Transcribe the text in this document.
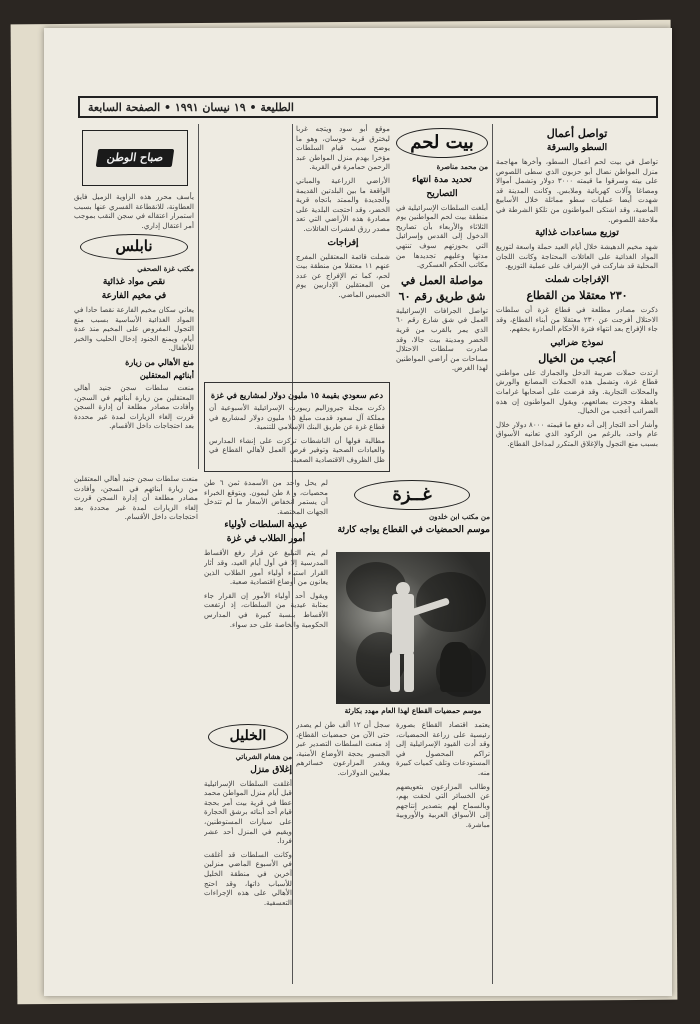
الطليعة • ١٩ نيسان ١٩٩١ • الصفحة السابعة
تواصل أعمال
السطو والسرقة

تواصل في بيت لحم أعمال السطو، وأخرها مهاجمة منزل المواطن نضال أبو حزبون الذي سطى اللصوص على بيته وسرقوا ما قيمته ٣٠٠٠ دولار وتشمل أموالا ومصاغا وآلات كهربائية وملابس. وكانت المدينة قد شهدت أيضا عمليات سطو مماثلة خلال الأسابيع الماضية، وقد اشتكى المواطنون من تلكؤ الشرطة في ملاحقة اللصوص.

توزيع مساعدات غذائية

شهد مخيم الدهيشة خلال أيام العيد حملة واسعة لتوزيع المواد الغذائية على العائلات المحتاجة وكانت اللجان المحلية قد شاركت في الإشراف على عملية التوزيع.

الإفراجات شملت
٢٣٠ معتقلا من القطاع

ذكرت مصادر مطلعة في قطاع غزة أن سلطات الاحتلال أفرجت عن ٢٣٠ معتقلا من أبناء القطاع، وقد جاء الإفراج بعد انتهاء فترة الأحكام الصادرة بحقهم.

نموذج ضرائبي
أعجب من الخيال

ارتدت حملات ضريبة الدخل والجمارك على مواطني قطاع غزة، وتشمل هذه الحملات المصانع والورش والمحلات التجارية. وقد فرضت على أصحابها غرامات باهظة وحجزت بضائعهم، ويقول المواطنون إن هذه الضرائب أعجب من الخيال.

وأشار أحد التجار إلى أنه دفع ما قيمته ٨٠٠٠ دولار خلال عام واحد، بالرغم من الركود الذي تعانيه الأسواق بسبب منع التجول والإغلاق المتكرر لمداخل القطاع.

بيت لحم
من محمد مناصرة
تحديد مدة انتهاء
التصاريح

أبلغت السلطات الإسرائيلية في منطقة بيت لحم المواطنين يوم الثلاثاء والأربعاء بأن تصاريح الدخول إلى القدس وإسرائيل التي بحوزتهم سوف تنتهي مدتها وعليهم تجديدها من مكاتب الحكم العسكري.

مواصلة العمل في
شق طريق رقم ٦٠

تواصل الجرافات الإسرائيلية العمل في شق شارع رقم ٦٠ الذي يمر بالقرب من قرية الخضر ومدينة بيت جالا، وقد صادرت سلطات الاحتلال مساحات من أراضي المواطنين لهذا الغرض.

موقع أبو سود ويتجه غربا ليخترق قرية حوسان، وهو ما يوضح سبب قيام السلطات مؤخرا بهدم منزل المواطن عبد الرحمن حمامرة في القرية.

الأراضي الزراعية والمباني الواقعة ما بين البلدتين القديمة والجديدة والممتد باتجاه قرية الخضر، وقد احتجت البلدية على مصادرة هذه الأراضي التي تعد مصدر رزق لعشرات العائلات.

إفراجات

شملت قائمة المعتقلين المفرج عنهم ١١ معتقلا من منطقة بيت لحم، كما تم الإفراج عن عدد من المعتقلين الإداريين يوم الخميس الماضي.

صباح الوطن

يأسف محرر هذه الزاوية الزميل فايق العطاونة، للانقطاعة القسري عنها بسبب استمرار اعتقاله في سجن النقب بموجب أمر اعتقال إداري.

نابلس
مكتب غزة الصحفي
نقص مواد غذائية
في مخيم الفارعة

يعاني سكان مخيم الفارعة نقصا حادا في المواد الغذائية الأساسية بسبب منع التجول المفروض على المخيم منذ عدة أيام، ويمنع الجنود إدخال الحليب والخبز للأطفال.

منع الأهالي من زيارة
أبنائهم المعتقلين

منعت سلطات سجن جنيد أهالي المعتقلين من زيارة أبنائهم في السجن، وأفادت مصادر مطلعة أن إدارة السجن قررت إلغاء الزيارات لمدة غير محددة بعد احتجاجات داخل الأقسام.

دعم سعودي بقيمة ١٥ مليون دولار لمشاريع في غزة

ذكرت مجلة جيروزاليم ريبورت الإسرائيلية الأسبوعية أن مملكة آل سعود قدمت مبلغ ١٥ مليون دولار لمشاريع في قطاع غزة عن طريق البنك الإسلامي للتنمية.

مطالبة فولها أن الناشطات تركزت على إنشاء المدارس والعيادات الصحية وتوفير فرص العمل لأهالي القطاع في ظل الظروف الاقتصادية الصعبة.

غــزة
من مكتب ابن خلدون
موسم الحمضيات في القطاع يواجه كارثة
موسم حمضيات القطاع لهذا العام مهدد بكارثة

يعتمد اقتصاد القطاع بصورة رئيسية على زراعة الحمضيات، وقد أدت القيود الإسرائيلية إلى تراكم المحصول في المستودعات وتلف كميات كبيرة منه.

وطالب المزارعون بتعويضهم عن الخسائر التي لحقت بهم، وبالسماح لهم بتصدير إنتاجهم إلى الأسواق العربية والأوروبية مباشرة.

سجل أن ١٢ ألف طن لم يصدر حتى الآن من حمضيات القطاع، إذ منعت السلطات التصدير عبر الجسور بحجة الأوضاع الأمنية، ويقدر المزارعون خسائرهم بملايين الدولارات.

لم يحل واحد من الأسمدة ثمن ٦ طن محصيات، و ٨ طن ليمون. ويتوقع الخبراء أن يستمر انخفاض الأسعار ما لم تتدخل الجهات المختصة.

عيدية السلطات لأولياء
أمور الطلاب في غزة

لم يتم التبليغ عن قرار رفع الأقساط المدرسية إلا في أول أيام العيد، وقد أثار القرار استياء أولياء أمور الطلاب الذين يعانون من أوضاع اقتصادية صعبة.

ويقول أحد أولياء الأمور إن القرار جاء بمثابة عيدية من السلطات، إذ ارتفعت الأقساط بنسبة كبيرة في المدارس الحكومية والخاصة على حد سواء.

منعت سلطات سجن جنيد أهالي المعتقلين من زيارة أبنائهم في السجن، وأفادت مصادر مطلعة أن إدارة السجن قررت إلغاء الزيارات لمدة غير محددة بعد احتجاجات داخل الأقسام.

الخليل
من هشام الشرباتي
إغلاق منزل

أغلقت السلطات الإسرائيلية قبل أيام منزل المواطن محمد عطا في قرية بيت أمر بحجة قيام أحد أبنائه برشق الحجارة على سيارات المستوطنين، ويقيم في المنزل أحد عشر فردا.

وكانت السلطات قد أغلقت في الأسبوع الماضي منزلين آخرين في منطقة الخليل للأسباب ذاتها، وقد احتج الأهالي على هذه الإجراءات التعسفية.
